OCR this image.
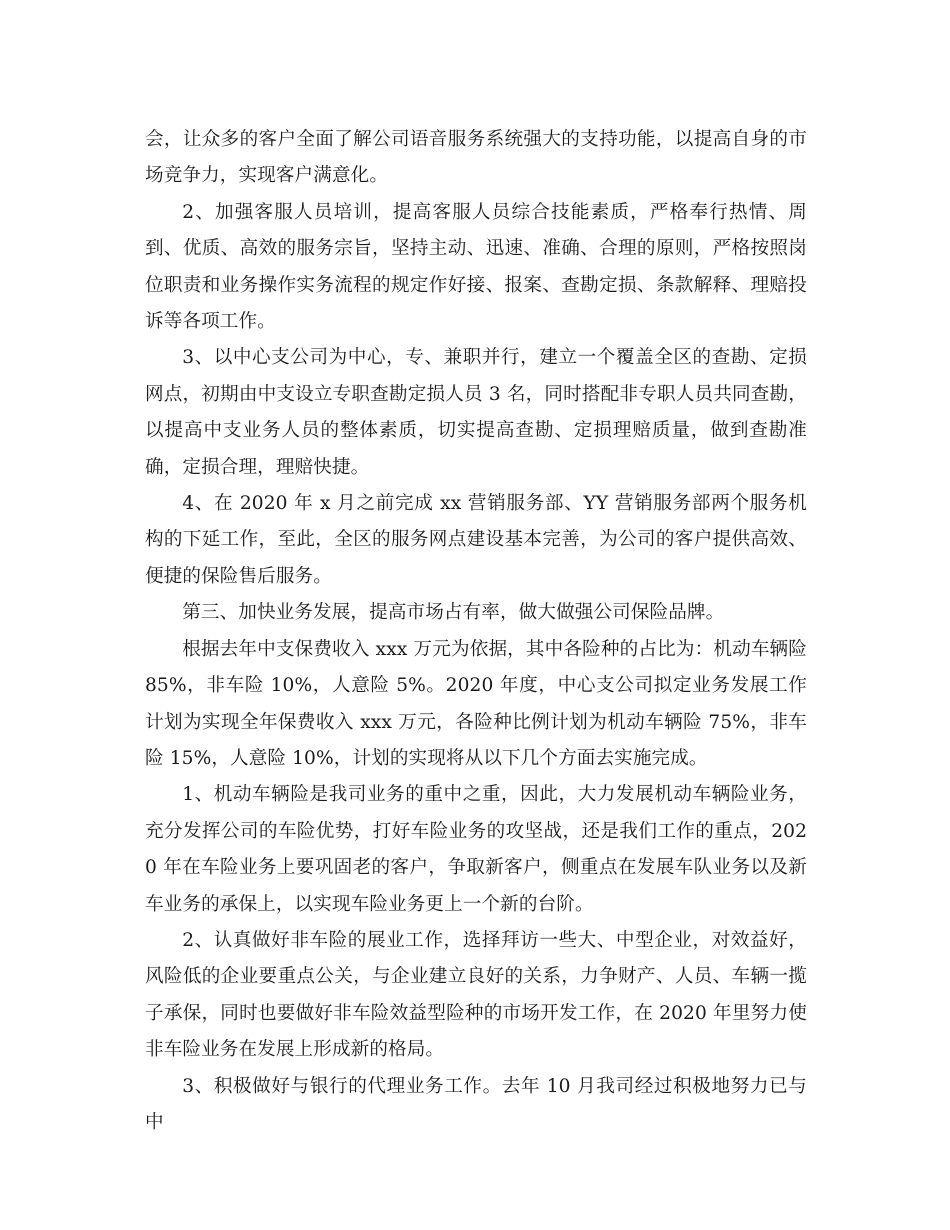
会，让众多的客户全面了解公司语音服务系统强大的支持功能，以提高自身的市场竞争力，实现客户满意化。

2、加强客服人员培训，提高客服人员综合技能素质，严格奉行热情、周到、优质、高效的服务宗旨，坚持主动、迅速、准确、合理的原则，严格按照岗位职责和业务操作实务流程的规定作好接、报案、查勘定损、条款解释、理赔投诉等各项工作。

3、以中心支公司为中心，专、兼职并行，建立一个覆盖全区的查勘、定损网点，初期由中支设立专职查勘定损人员 3 名，同时搭配非专职人员共同查勘，以提高中支业务人员的整体素质，切实提高查勘、定损理赔质量，做到查勘准确，定损合理，理赔快捷。

4、在 2020 年 x 月之前完成 xx 营销服务部、YY 营销服务部两个服务机构的下延工作，至此，全区的服务网点建设基本完善，为公司的客户提供高效、便捷的保险售后服务。

第三、加快业务发展，提高市场占有率，做大做强公司保险品牌。

根据去年中支保费收入 xxx 万元为依据，其中各险种的占比为：机动车辆险 85%，非车险 10%，人意险 5%。2020 年度，中心支公司拟定业务发展工作计划为实现全年保费收入 xxx 万元，各险种比例计划为机动车辆险 75%，非车险 15%，人意险 10%，计划的实现将从以下几个方面去实施完成。

1、机动车辆险是我司业务的重中之重，因此，大力发展机动车辆险业务，充分发挥公司的车险优势，打好车险业务的攻坚战，还是我们工作的重点，2020 年在车险业务上要巩固老的客户，争取新客户，侧重点在发展车队业务以及新车业务的承保上，以实现车险业务更上一个新的台阶。

2、认真做好非车险的展业工作，选择拜访一些大、中型企业，对效益好，风险低的企业要重点公关，与企业建立良好的关系，力争财产、人员、车辆一揽子承保，同时也要做好非车险效益型险种的市场开发工作，在 2020 年里努力使非车险业务在发展上形成新的格局。

3、积极做好与银行的代理业务工作。去年 10 月我司经过积极地努力已与中
